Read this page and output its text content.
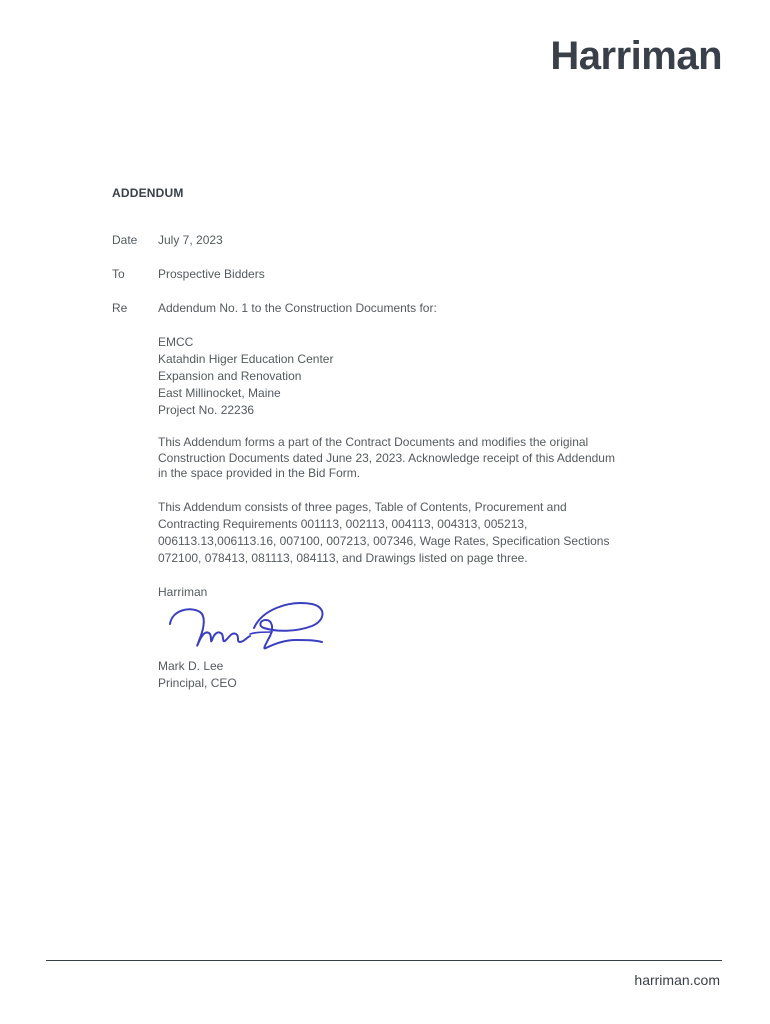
Harriman
ADDENDUM
Date	July 7, 2023
To	Prospective Bidders
Re	Addendum No. 1 to the Construction Documents for:
EMCC
Katahdin Higer Education Center
Expansion and Renovation
East Millinocket, Maine
Project No. 22236
This Addendum forms a part of the Contract Documents and modifies the original
Construction Documents dated June 23, 2023. Acknowledge receipt of this Addendum
in the space provided in the Bid Form.
This Addendum consists of three pages, Table of Contents, Procurement and
Contracting Requirements 001113, 002113, 004113, 004313, 005213,
006113.13,006113.16, 007100, 007213, 007346, Wage Rates, Specification Sections
072100, 078413, 081113, 084113, and Drawings listed on page three.
Harriman
Mark D. Lee
Principal, CEO
harriman.com
